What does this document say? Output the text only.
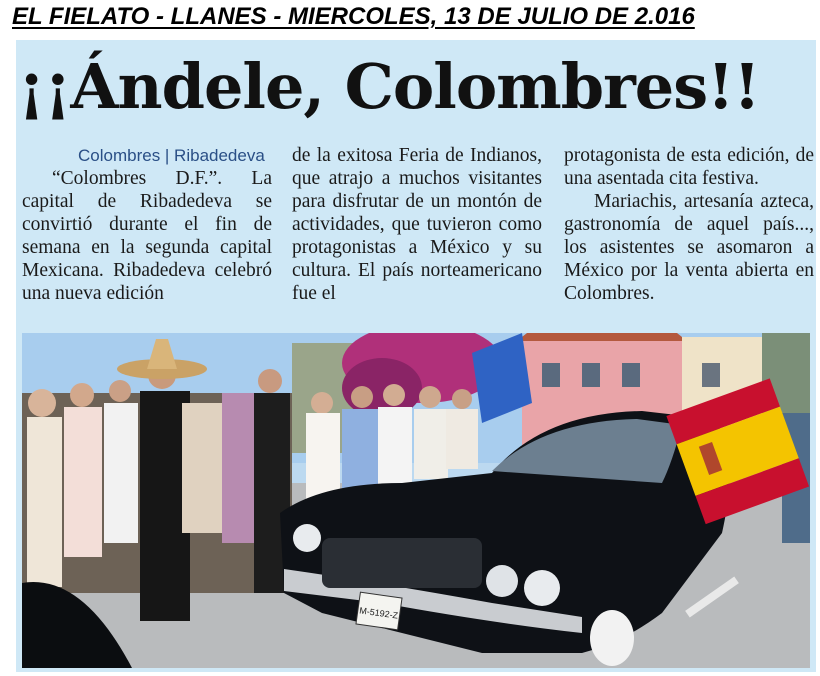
EL FIELATO - LLANES - MIERCOLES, 13 DE JULIO DE 2.016
¡¡Ándele, Colombres!!
Colombres | Ribadedeva

“Colombres D.F.”. La capital de Ribadedeva se convirtió durante el fin de semana en la segunda capital Mexicana. Ribadedeva celebró una nueva edición

de la exitosa Feria de Indianos, que atrajo a muchos visitantes para disfrutar de un montón de actividades, que tuvieron como protagonistas a México y su cultura. El país norteamericano fue el

protagonista de esta edición, de una asentada cita festiva.

Mariachis, artesanía azteca, gastronomía de aquel país..., los asistentes se asomaron a México por la venta abierta en Colombres.

M-5192-Z
